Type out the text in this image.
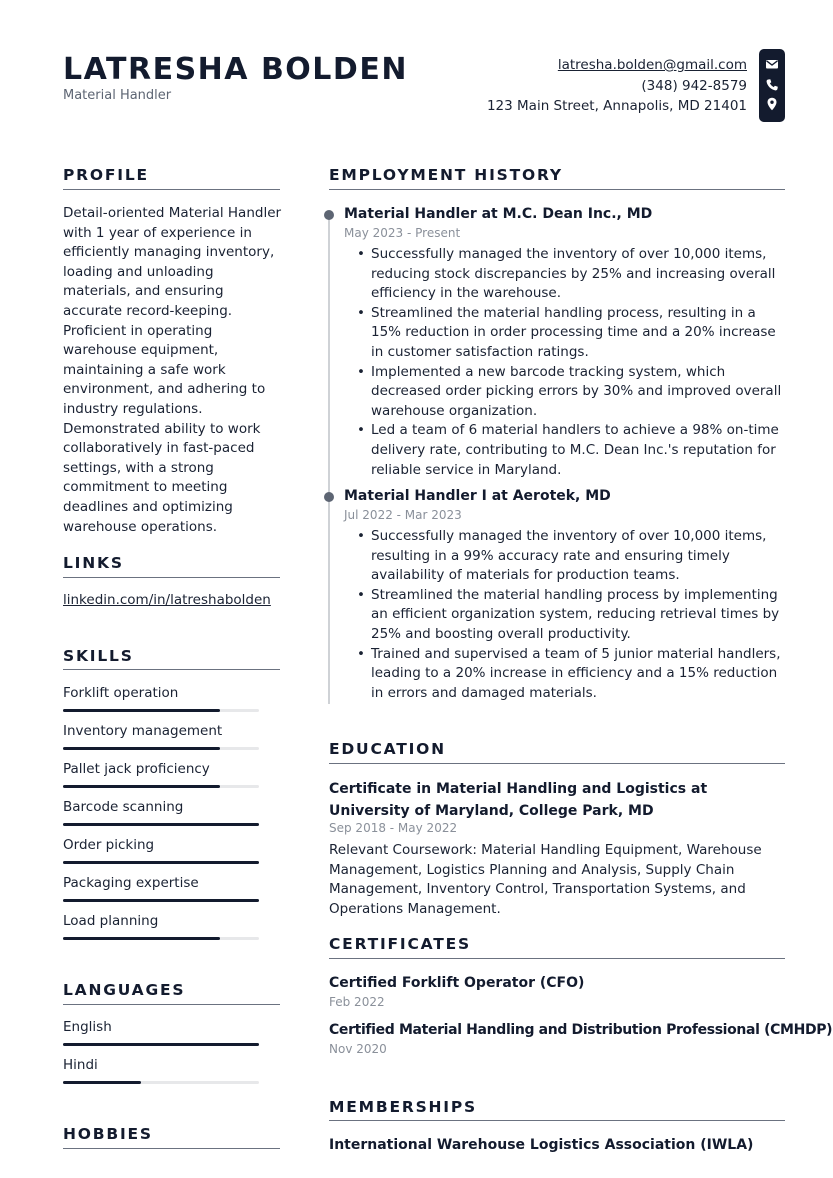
LATRESHA BOLDEN
Material Handler
latresha.bolden@gmail.com
(348) 942-8579
123 Main Street, Annapolis, MD 21401
PROFILE
Detail-oriented Material Handler with 1 year of experience in efficiently managing inventory, loading and unloading materials, and ensuring accurate record-keeping. Proficient in operating warehouse equipment, maintaining a safe work environment, and adhering to industry regulations. Demonstrated ability to work collaboratively in fast-paced settings, with a strong commitment to meeting deadlines and optimizing warehouse operations.
LINKS
linkedin.com/in/latreshabolden
SKILLS
Forklift operation
Inventory management
Pallet jack proficiency
Barcode scanning
Order picking
Packaging expertise
Load planning
LANGUAGES
English
Hindi
HOBBIES
EMPLOYMENT HISTORY
Material Handler at M.C. Dean Inc., MD
May 2023 - Present
• Successfully managed the inventory of over 10,000 items, reducing stock discrepancies by 25% and increasing overall efficiency in the warehouse.
• Streamlined the material handling process, resulting in a 15% reduction in order processing time and a 20% increase in customer satisfaction ratings.
• Implemented a new barcode tracking system, which decreased order picking errors by 30% and improved overall warehouse organization.
• Led a team of 6 material handlers to achieve a 98% on-time delivery rate, contributing to M.C. Dean Inc.'s reputation for reliable service in Maryland.
Material Handler I at Aerotek, MD
Jul 2022 - Mar 2023
• Successfully managed the inventory of over 10,000 items, resulting in a 99% accuracy rate and ensuring timely availability of materials for production teams.
• Streamlined the material handling process by implementing an efficient organization system, reducing retrieval times by 25% and boosting overall productivity.
• Trained and supervised a team of 5 junior material handlers, leading to a 20% increase in efficiency and a 15% reduction in errors and damaged materials.
EDUCATION
Certificate in Material Handling and Logistics at University of Maryland, College Park, MD
Sep 2018 - May 2022
Relevant Coursework: Material Handling Equipment, Warehouse Management, Logistics Planning and Analysis, Supply Chain Management, Inventory Control, Transportation Systems, and Operations Management.
CERTIFICATES
Certified Forklift Operator (CFO)
Feb 2022
Certified Material Handling and Distribution Professional (CMHDP)
Nov 2020
MEMBERSHIPS
International Warehouse Logistics Association (IWLA)
